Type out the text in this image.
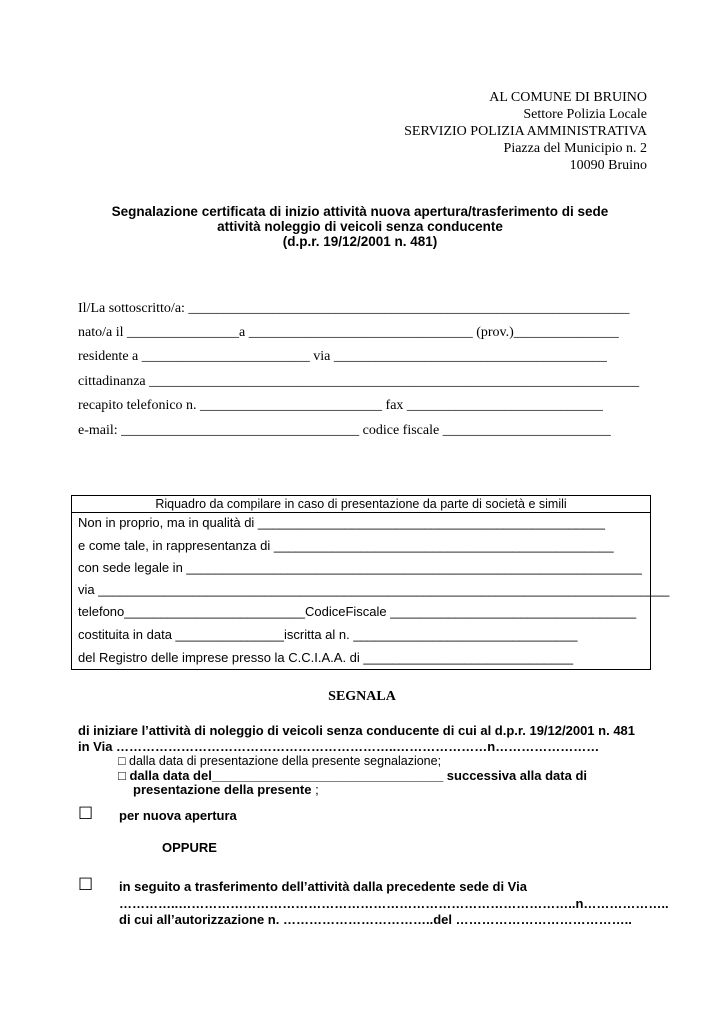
AL COMUNE DI BRUINO
Settore Polizia Locale
SERVIZIO POLIZIA AMMINISTRATIVA
Piazza del Municipio n. 2
10090 Bruino
Segnalazione certificata di inizio attività nuova apertura/trasferimento di sede
attività noleggio di veicoli senza conducente
(d.p.r. 19/12/2001 n. 481)
Il/La sottoscritto/a: _______________________________________________________________
nato/a il ________________a ________________________________ (prov.)_______________
residente a ________________________ via _______________________________________
cittadinanza ______________________________________________________________________
recapito telefonico n. __________________________ fax ____________________________
e-mail: __________________________________ codice fiscale ________________________
Riquadro da compilare in caso di presentazione da parte di società e simili
Non in proprio, ma in qualità di ________________________________________________
e come tale, in rappresentanza di _______________________________________________
con sede legale in _______________________________________________________________
via _______________________________________________________________________________
telefono_________________________CodiceFiscale __________________________________
costituita in data _______________iscritta al n. _______________________________
del Registro delle imprese presso la C.C.I.A.A. di _____________________________
SEGNALA
di iniziare l’attività di noleggio di veicoli senza conducente di cui al d.p.r. 19/12/2001 n. 481
in Via ………………………………………………………..…………………n……………………
□ dalla data di presentazione della presente segnalazione;
□ dalla data del________________________________ successiva alla data di
presentazione della presente ;
☐ per nuova apertura
OPPURE
☐ in seguito a trasferimento dell’attività dalla precedente sede di Via
…………..………………………………………………………………………………..n………………..
di cui all’autorizzazione n. ……………………………..del …………………………………..
